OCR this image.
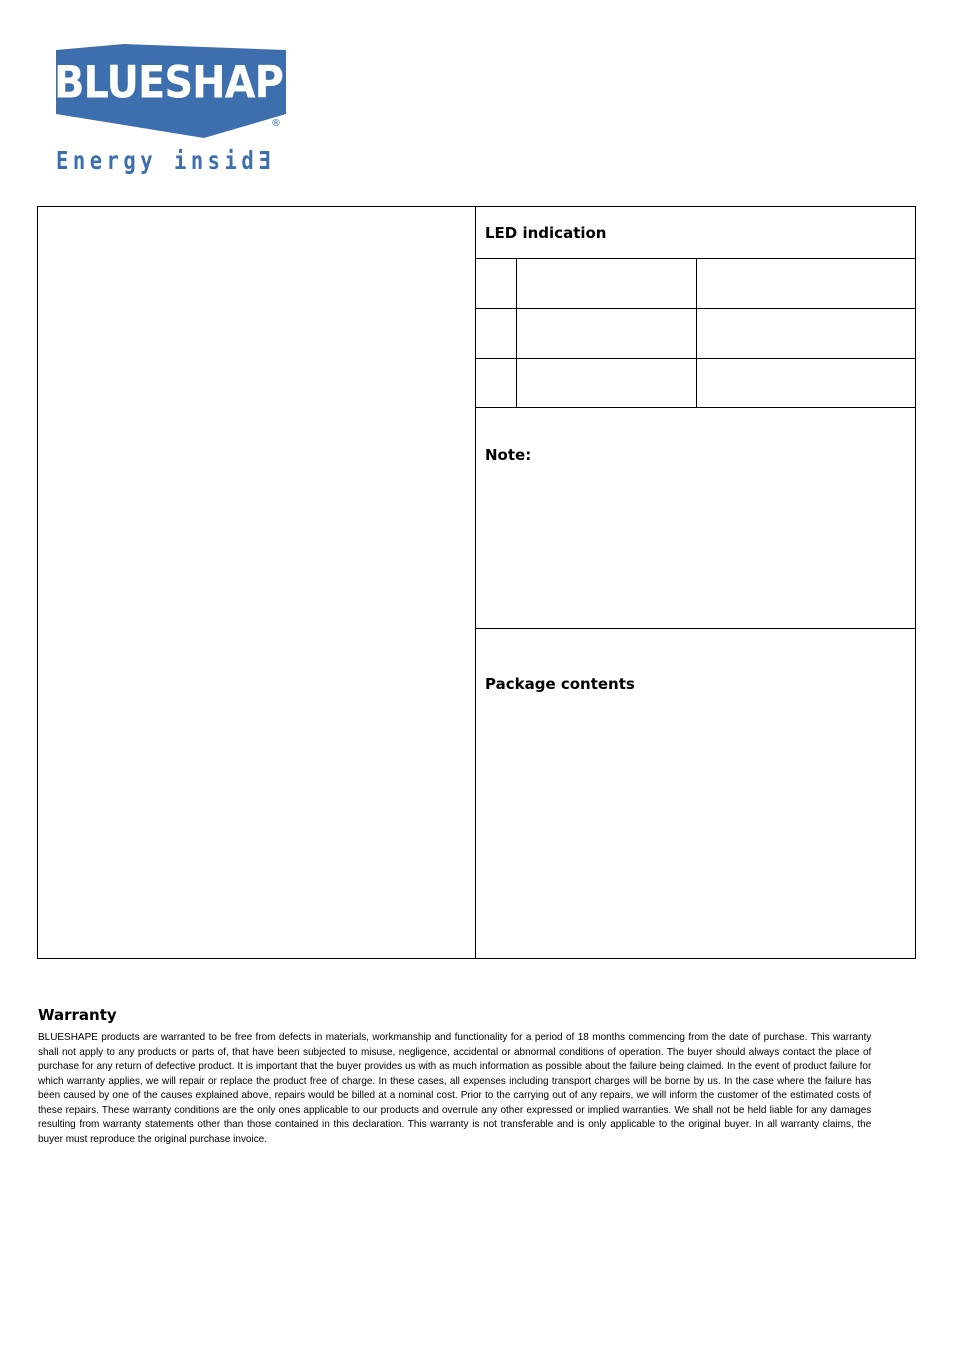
BLUESHAPE
®
Energy insidƎ
LED indication
Note:
Package contents
Warranty
BLUESHAPE products are warranted to be free from defects in materials, workmanship and functionality for a period of 18 months commencing from the date of purchase. This warranty shall not apply to any products or parts of, that have been subjected to misuse, negligence, accidental or abnormal conditions of operation. The buyer should always contact the place of purchase for any return of defective product. It is important that the buyer provides us with as much information as possible about the failure being claimed. In the event of product failure for which warranty applies, we will repair or replace the product free of charge. In these cases, all expenses including transport charges will be borne by us. In the case where the failure has been caused by one of the causes explained above, repairs would be billed at a nominal cost. Prior to the carrying out of any repairs, we will inform the customer of the estimated costs of these repairs. These warranty conditions are the only ones applicable to our products and overrule any other expressed or implied warranties. We shall not be held liable for any damages resulting from warranty statements other than those contained in this declaration. This warranty is not transferable and is only applicable to the original buyer. In all warranty claims, the buyer must reproduce the original purchase invoice.
